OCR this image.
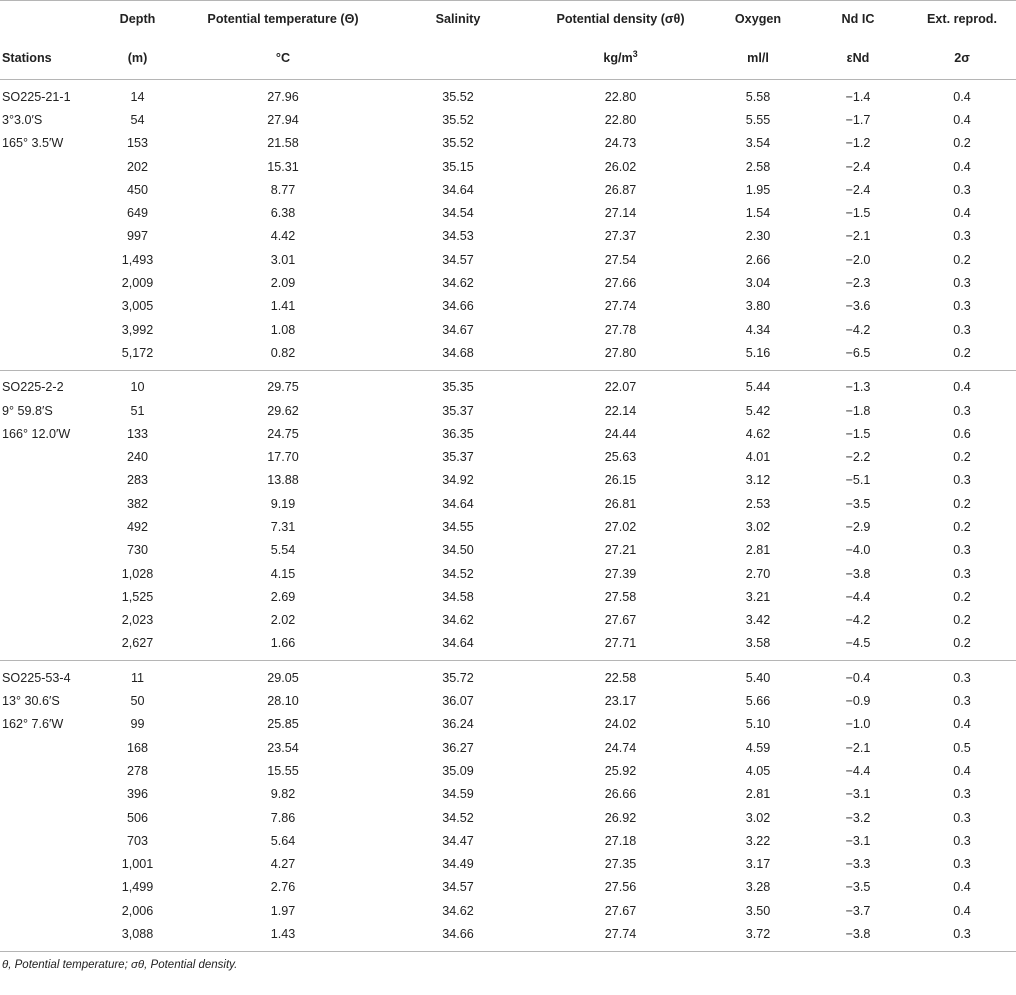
	Depth	Potential temperature (Θ)	Salinity	Potential density (σθ)	Oxygen	Nd IC	Ext. reprod.
Stations	(m)	°C		$kg/m^3$	ml/l	εNd	2σ
SO225-21-1	14	27.96	35.52	22.80	5.58	−1.4	0.4
3°3.0′S	54	27.94	35.52	22.80	5.55	−1.7	0.4
165° 3.5′W	153	21.58	35.52	24.73	3.54	−1.2	0.2
	202	15.31	35.15	26.02	2.58	−2.4	0.4
	450	8.77	34.64	26.87	1.95	−2.4	0.3
	649	6.38	34.54	27.14	1.54	−1.5	0.4
	997	4.42	34.53	27.37	2.30	−2.1	0.3
	1,493	3.01	34.57	27.54	2.66	−2.0	0.2
	2,009	2.09	34.62	27.66	3.04	−2.3	0.3
	3,005	1.41	34.66	27.74	3.80	−3.6	0.3
	3,992	1.08	34.67	27.78	4.34	−4.2	0.3
	5,172	0.82	34.68	27.80	5.16	−6.5	0.2
SO225-2-2	10	29.75	35.35	22.07	5.44	−1.3	0.4
9° 59.8′S	51	29.62	35.37	22.14	5.42	−1.8	0.3
166° 12.0′W	133	24.75	36.35	24.44	4.62	−1.5	0.6
	240	17.70	35.37	25.63	4.01	−2.2	0.2
	283	13.88	34.92	26.15	3.12	−5.1	0.3
	382	9.19	34.64	26.81	2.53	−3.5	0.2
	492	7.31	34.55	27.02	3.02	−2.9	0.2
	730	5.54	34.50	27.21	2.81	−4.0	0.3
	1,028	4.15	34.52	27.39	2.70	−3.8	0.3
	1,525	2.69	34.58	27.58	3.21	−4.4	0.2
	2,023	2.02	34.62	27.67	3.42	−4.2	0.2
	2,627	1.66	34.64	27.71	3.58	−4.5	0.2
SO225-53-4	11	29.05	35.72	22.58	5.40	−0.4	0.3
13° 30.6′S	50	28.10	36.07	23.17	5.66	−0.9	0.3
162° 7.6′W	99	25.85	36.24	24.02	5.10	−1.0	0.4
	168	23.54	36.27	24.74	4.59	−2.1	0.5
	278	15.55	35.09	25.92	4.05	−4.4	0.4
	396	9.82	34.59	26.66	2.81	−3.1	0.3
	506	7.86	34.52	26.92	3.02	−3.2	0.3
	703	5.64	34.47	27.18	3.22	−3.1	0.3
	1,001	4.27	34.49	27.35	3.17	−3.3	0.3
	1,499	2.76	34.57	27.56	3.28	−3.5	0.4
	2,006	1.97	34.62	27.67	3.50	−3.7	0.4
	3,088	1.43	34.66	27.74	3.72	−3.8	0.3
θ, Potential temperature; σθ, Potential density.
